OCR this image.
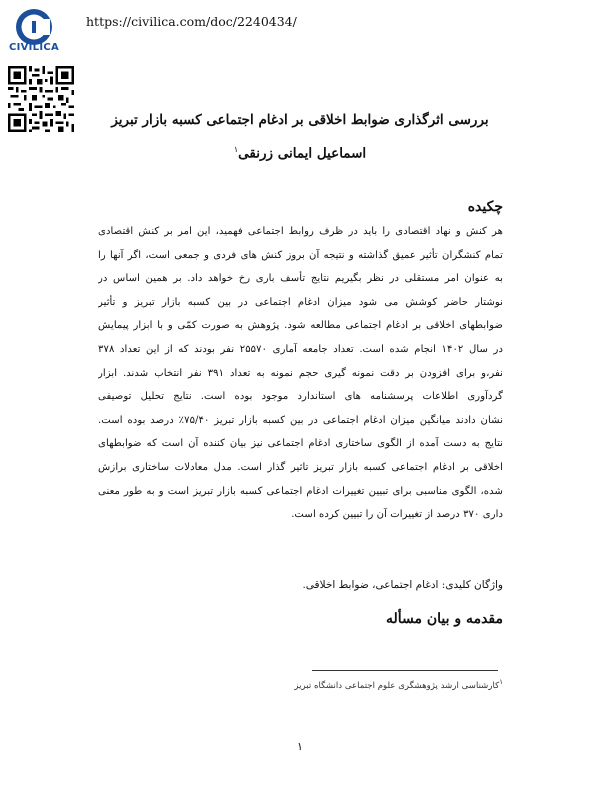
CIVILICA
https://civilica.com/doc/2240434/
بررسی اثرگذاری ضوابط اخلاقی بر ادغام اجتماعی کسبه بازار تبریز
اسماعیل ایمانی زرنقی$^۱$
چکیده

هر کنش و نهاد اقتصادی را باید در ظرف روابط اجتماعی فهمید، این امر بر کنش اقتصادی
تمام کنشگران تأثیر عمیق گذاشته و نتیجه آن بروز کنش های فردی و جمعی است، اگر آنها را
به عنوان امر مستقلی در نظر بگیریم نتایج تأسف باری رخ خواهد داد. بر همین اساس در
نوشتار حاضر کوشش می شود میزان ادغام اجتماعی در بین کسبه بازار تبریز و تأثیر
ضوابطهای اخلاقی بر ادغام اجتماعی مطالعه شود. پژوهش به صورت کمّی و با ابزار پیمایش
در سال ۱۴۰۲ انجام شده است. تعداد جامعه آماری ۲۵۵۷۰ نفر بودند که از این تعداد ۳۷۸
نفر،و برای افزودن بر دقت نمونه گیری حجم نمونه به تعداد ۳۹۱ نفر انتخاب شدند. ابزار
گردآوری اطلاعات پرسشنامه های استاندارد موجود بوده است. نتایج تحلیل توصیفی
نشان دادند میانگین میزان ادغام اجتماعی در بین کسبه بازار تبریز ۷۵/۴۰٪ درصد بوده است.
نتایج به دست آمده از الگوی ساختاری ادغام اجتماعی نیز بیان کننده آن است که ضوابطهای
اخلاقی بر ادغام اجتماعی کسبه بازار تبریز تاثیر گذار است. مدل معادلات ساختاری برازش
شده، الگوی مناسبی برای تبیین تغییرات ادغام اجتماعی کسبه بازار تبریز است و به طور معنی
داری ۳۷۰ درصد از تغییرات آن را تبیین کرده است.

واژگان کلیدی: ادغام اجتماعی، ضوابط اخلاقی.
مقدمه و بیان مسأله
$^۱$کارشناسی ارشد پژوهشگری علوم اجتماعی دانشگاه تبریز
۱
